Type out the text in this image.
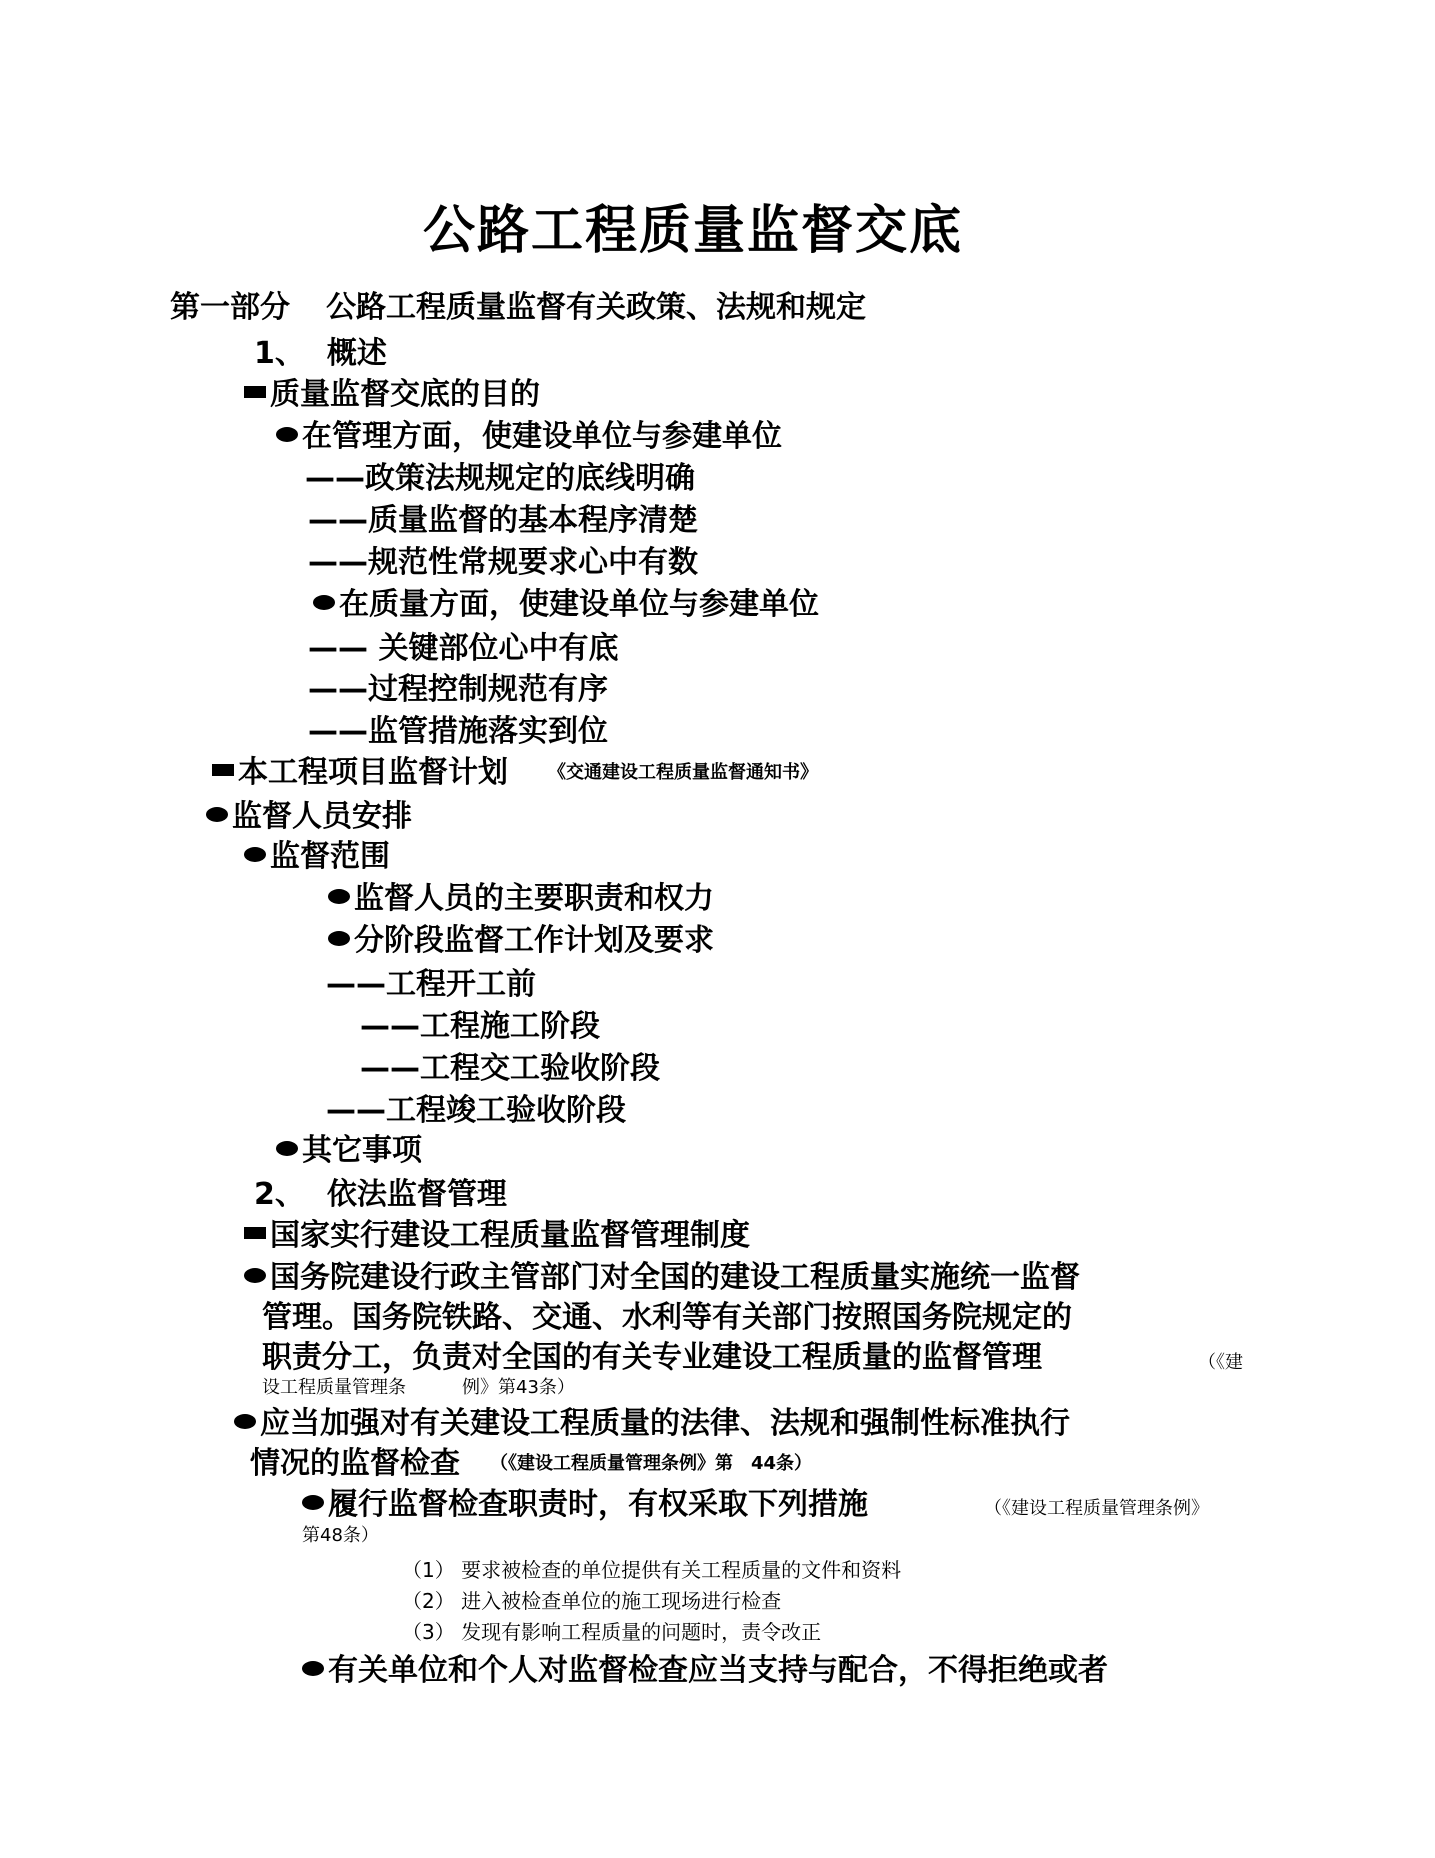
公路工程质量监督交底
第一部分 公路工程质量监督有关政策、法规和规定
1、 概述
质量监督交底的目的
在管理方面，使建设单位与参建单位
——政策法规规定的底线明确
——质量监督的基本程序清楚
——规范性常规要求心中有数
在质量方面，使建设单位与参建单位
—— 关键部位心中有底
——过程控制规范有序
——监管措施落实到位
本工程项目监督计划 《交通建设工程质量监督通知书》
监督人员安排
监督范围
监督人员的主要职责和权力
分阶段监督工作计划及要求
——工程开工前
——工程施工阶段
——工程交工验收阶段
——工程竣工验收阶段
其它事项
2、 依法监督管理
国家实行建设工程质量监督管理制度
国务院建设行政主管部门对全国的建设工程质量实施统一监督
管理。国务院铁路、交通、水利等有关部门按照国务院规定的
职责分工，负责对全国的有关专业建设工程质量的监督管理	（《建
设工程质量管理条	例》第43条）
应当加强对有关建设工程质量的法律、法规和强制性标准执行
情况的监督检查 （《建设工程质量管理条例》第　44条）
履行监督检查职责时，有权采取下列措施	（《建设工程质量管理条例》
第48条）
（1） 要求被检查的单位提供有关工程质量的文件和资料
（2） 进入被检查单位的施工现场进行检查
（3） 发现有影响工程质量的问题时，责令改正
有关单位和个人对监督检查应当支持与配合，不得拒绝或者
